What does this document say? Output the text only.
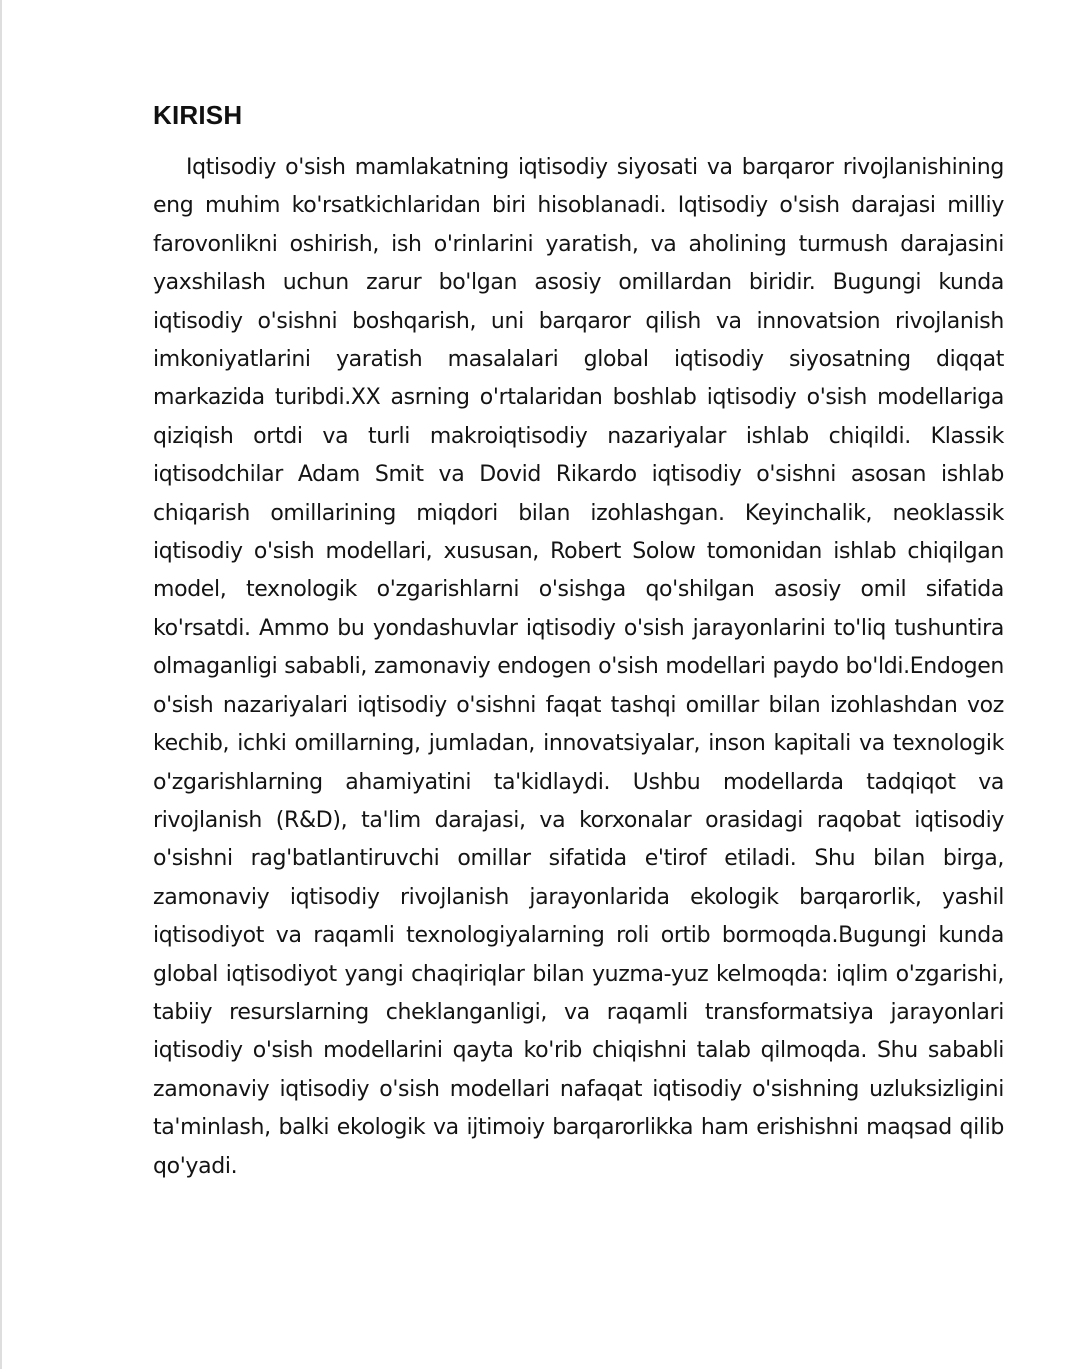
KIRISH

Iqtisodiy o'sish mamlakatning iqtisodiy siyosati va barqaror rivojlanishining eng muhim ko'rsatkichlaridan biri hisoblanadi. Iqtisodiy o'sish darajasi milliy farovonlikni oshirish, ish o'rinlarini yaratish, va aholining turmush darajasini yaxshilash uchun zarur bo'lgan asosiy omillardan biridir. Bugungi kunda iqtisodiy o'sishni boshqarish, uni barqaror qilish va innovatsion rivojlanish imkoniyatlarini yaratish masalalari global iqtisodiy siyosatning diqqat markazida turibdi.XX asrning o'rtalaridan boshlab iqtisodiy o'sish modellariga qiziqish ortdi va turli makroiqtisodiy nazariyalar ishlab chiqildi. Klassik iqtisodchilar Adam Smit va Dovid Rikardo iqtisodiy o'sishni asosan ishlab chiqarish omillarining miqdori bilan izohlashgan. Keyinchalik, neoklassik iqtisodiy o'sish modellari, xususan, Robert Solow tomonidan ishlab chiqilgan model, texnologik o'zgarishlarni o'sishga qo'shilgan asosiy omil sifatida ko'rsatdi. Ammo bu yondashuvlar iqtisodiy o'sish jarayonlarini to'liq tushuntira olmaganligi sababli, zamonaviy endogen o'sish modellari paydo bo'ldi.Endogen o'sish nazariyalari iqtisodiy o'sishni faqat tashqi omillar bilan izohlashdan voz kechib, ichki omillarning, jumladan, innovatsiyalar, inson kapitali va texnologik o'zgarishlarning ahamiyatini ta'kidlaydi. Ushbu modellarda tadqiqot va rivojlanish (R&D), ta'lim darajasi, va korxonalar orasidagi raqobat iqtisodiy o'sishni rag'batlantiruvchi omillar sifatida e'tirof etiladi. Shu bilan birga, zamonaviy iqtisodiy rivojlanish jarayonlarida ekologik barqarorlik, yashil iqtisodiyot va raqamli texnologiyalarning roli ortib bormoqda.Bugungi kunda global iqtisodiyot yangi chaqiriqlar bilan yuzma-yuz kelmoqda: iqlim o'zgarishi, tabiiy resurslarning cheklanganligi, va raqamli transformatsiya jarayonlari iqtisodiy o'sish modellarini qayta ko'rib chiqishni talab qilmoqda. Shu sababli zamonaviy iqtisodiy o'sish modellari nafaqat iqtisodiy o'sishning uzluksizligini ta'minlash, balki ekologik va ijtimoiy barqarorlikka ham erishishni maqsad qilib qo'yadi.
